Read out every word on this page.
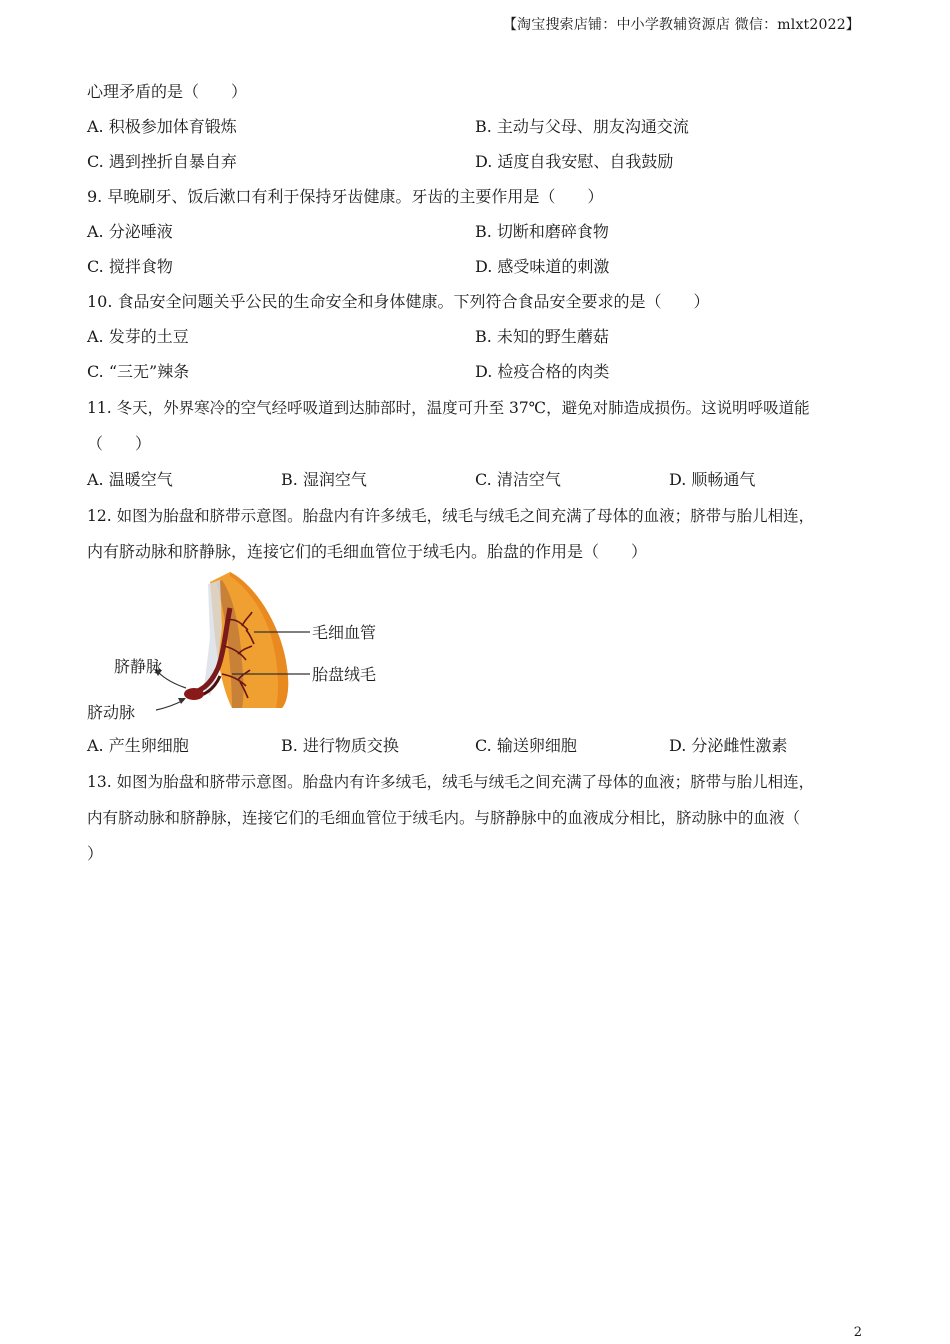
【淘宝搜索店铺：中小学教辅资源店 微信：mlxt2022】
心理矛盾的是（　　）
A. 积极参加体育锻炼	B. 主动与父母、朋友沟通交流
C. 遇到挫折自暴自弃	D. 适度自我安慰、自我鼓励
9. 早晚刷牙、饭后漱口有利于保持牙齿健康。牙齿的主要作用是（　　）
A. 分泌唾液	B. 切断和磨碎食物
C. 搅拌食物	D. 感受味道的刺激
10. 食品安全问题关乎公民的生命安全和身体健康。下列符合食品安全要求的是（　　）
A. 发芽的土豆	B. 未知的野生蘑菇
C. “三无”辣条	D. 检疫合格的肉类
11. 冬天，外界寒冷的空气经呼吸道到达肺部时，温度可升至 37℃，避免对肺造成损伤。这说明呼吸道能
（　　）
A. 温暖空气	B. 湿润空气	C. 清洁空气	D. 顺畅通气
12. 如图为胎盘和脐带示意图。胎盘内有许多绒毛，绒毛与绒毛之间充满了母体的血液；脐带与胎儿相连，
内有脐动脉和脐静脉，连接它们的毛细血管位于绒毛内。胎盘的作用是（　　）
毛细血管
胎盘绒毛
脐静脉
脐动脉
A. 产生卵细胞	B. 进行物质交换	C. 输送卵细胞	D. 分泌雌性激素
13. 如图为胎盘和脐带示意图。胎盘内有许多绒毛，绒毛与绒毛之间充满了母体的血液；脐带与胎儿相连，
内有脐动脉和脐静脉，连接它们的毛细血管位于绒毛内。与脐静脉中的血液成分相比，脐动脉中的血液（
）
2
